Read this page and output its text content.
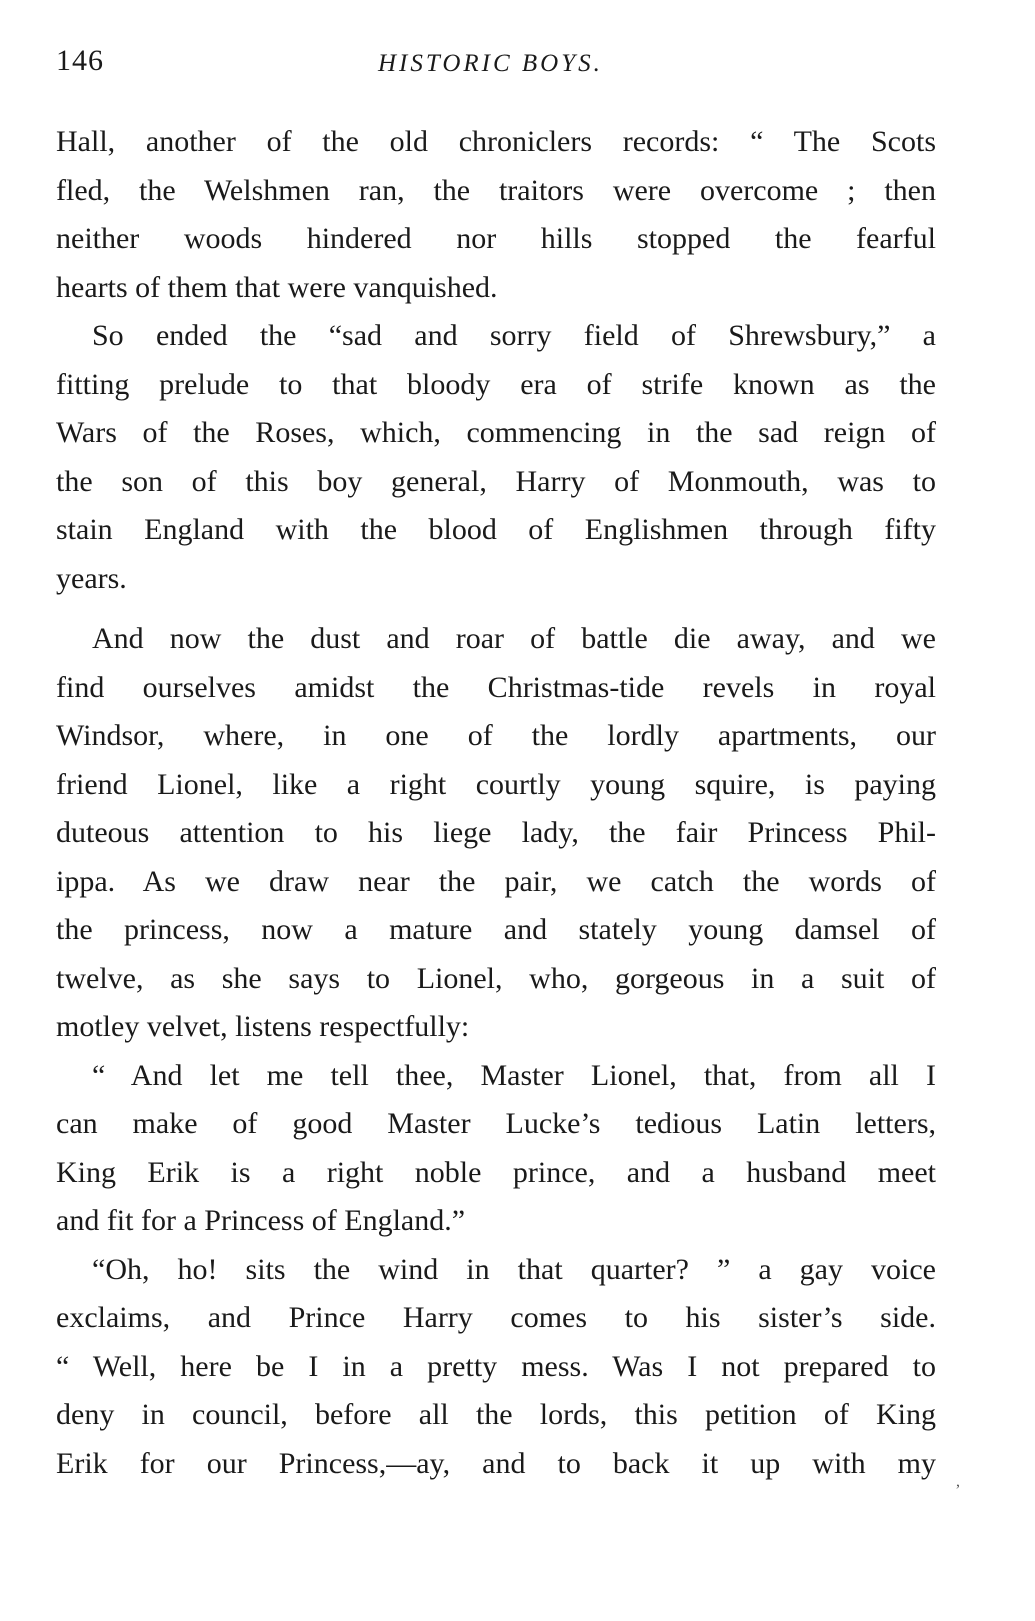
146	HISTORIC BOYS.
Hall, another of the old chroniclers records: “ The Scots
fled, the Welshmen ran, the traitors were overcome ; then
neither woods hindered nor hills stopped the fearful
hearts of them that were vanquished.
So ended the “sad and sorry field of Shrewsbury,” a
fitting prelude to that bloody era of strife known as the
Wars of the Roses, which, commencing in the sad reign of
the son of this boy general, Harry of Monmouth, was to
stain England with the blood of Englishmen through fifty
years.
And now the dust and roar of battle die away, and we
find ourselves amidst the Christmas-tide revels in royal
Windsor, where, in one of the lordly apartments, our
friend Lionel, like a right courtly young squire, is paying
duteous attention to his liege lady, the fair Princess Phil-
ippa. As we draw near the pair, we catch the words of
the princess, now a mature and stately young damsel of
twelve, as she says to Lionel, who, gorgeous in a suit of
motley velvet, listens respectfully:
“ And let me tell thee, Master Lionel, that, from all I
can make of good Master Lucke’s tedious Latin letters,
King Erik is a right noble prince, and a husband meet
and fit for a Princess of England.”
“Oh, ho! sits the wind in that quarter? ” a gay voice
exclaims, and Prince Harry comes to his sister’s side.
“ Well, here be I in a pretty mess. Was I not prepared to
deny in council, before all the lords, this petition of King
Erik for our Princess,—ay, and to back it up with my
,
